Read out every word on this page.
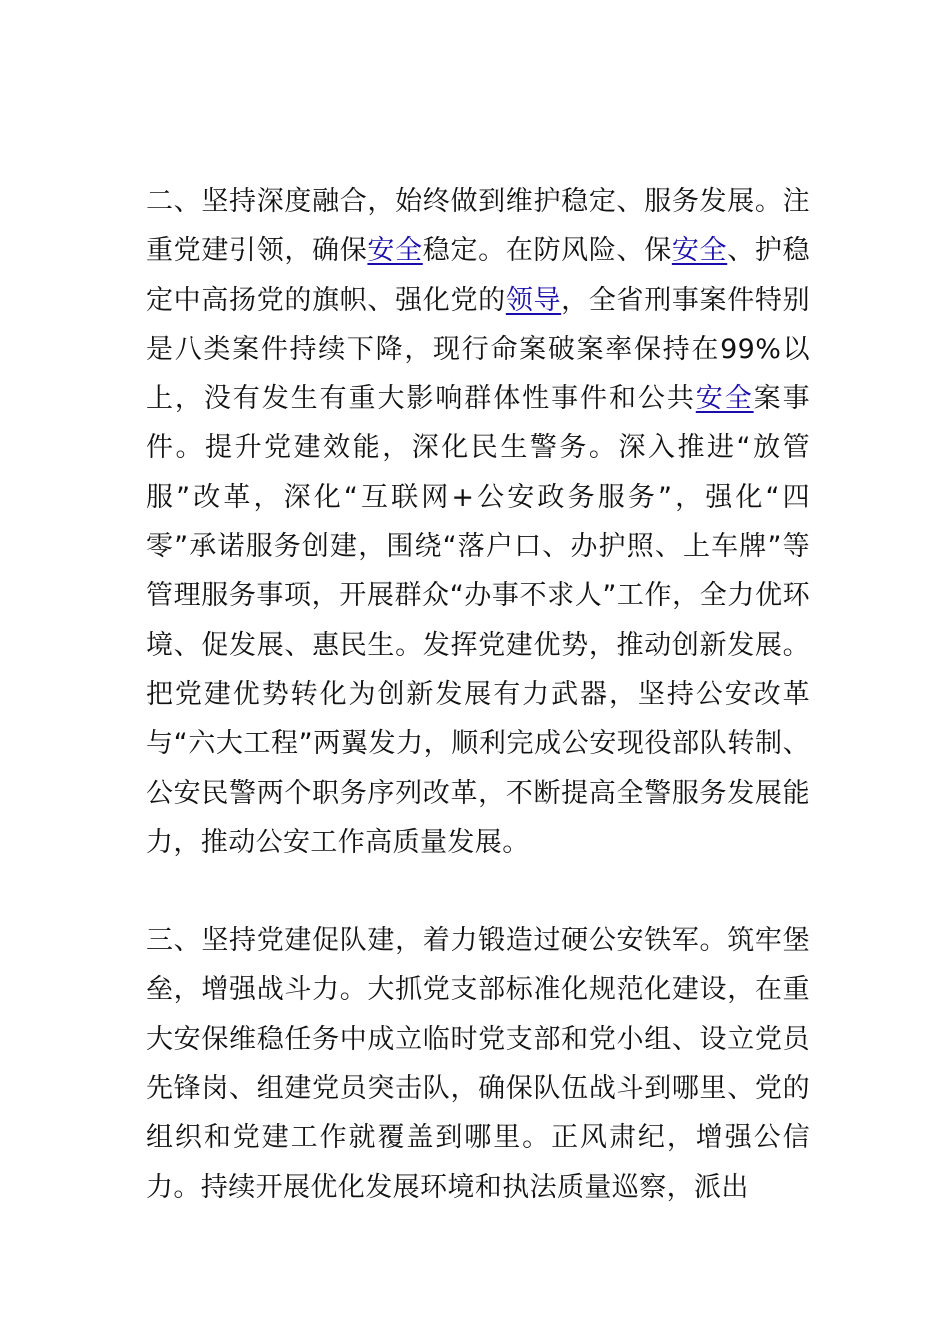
二、坚持深度融合，始终做到维护稳定、服务发展。注重党建引领，确保安全稳定。在防风险、保安全、护稳定中高扬党的旗帜、强化党的领导，全省刑事案件特别是八类案件持续下降，现行命案破案率保持在99%以上，没有发生有重大影响群体性事件和公共安全案事件。提升党建效能，深化民生警务。深入推进“放管服”改革，深化“互联网+公安政务服务”，强化“四零”承诺服务创建，围绕“落户口、办护照、上车牌”等管理服务事项，开展群众“办事不求人”工作，全力优环境、促发展、惠民生。发挥党建优势，推动创新发展。把党建优势转化为创新发展有力武器，坚持公安改革与“六大工程”两翼发力，顺利完成公安现役部队转制、公安民警两个职务序列改革，不断提高全警服务发展能力，推动公安工作高质量发展。

三、坚持党建促队建，着力锻造过硬公安铁军。筑牢堡垒，增强战斗力。大抓党支部标准化规范化建设，在重大安保维稳任务中成立临时党支部和党小组、设立党员先锋岗、组建党员突击队，确保队伍战斗到哪里、党的组织和党建工作就覆盖到哪里。正风肃纪，增强公信力。持续开展优化发展环境和执法质量巡察，派出
